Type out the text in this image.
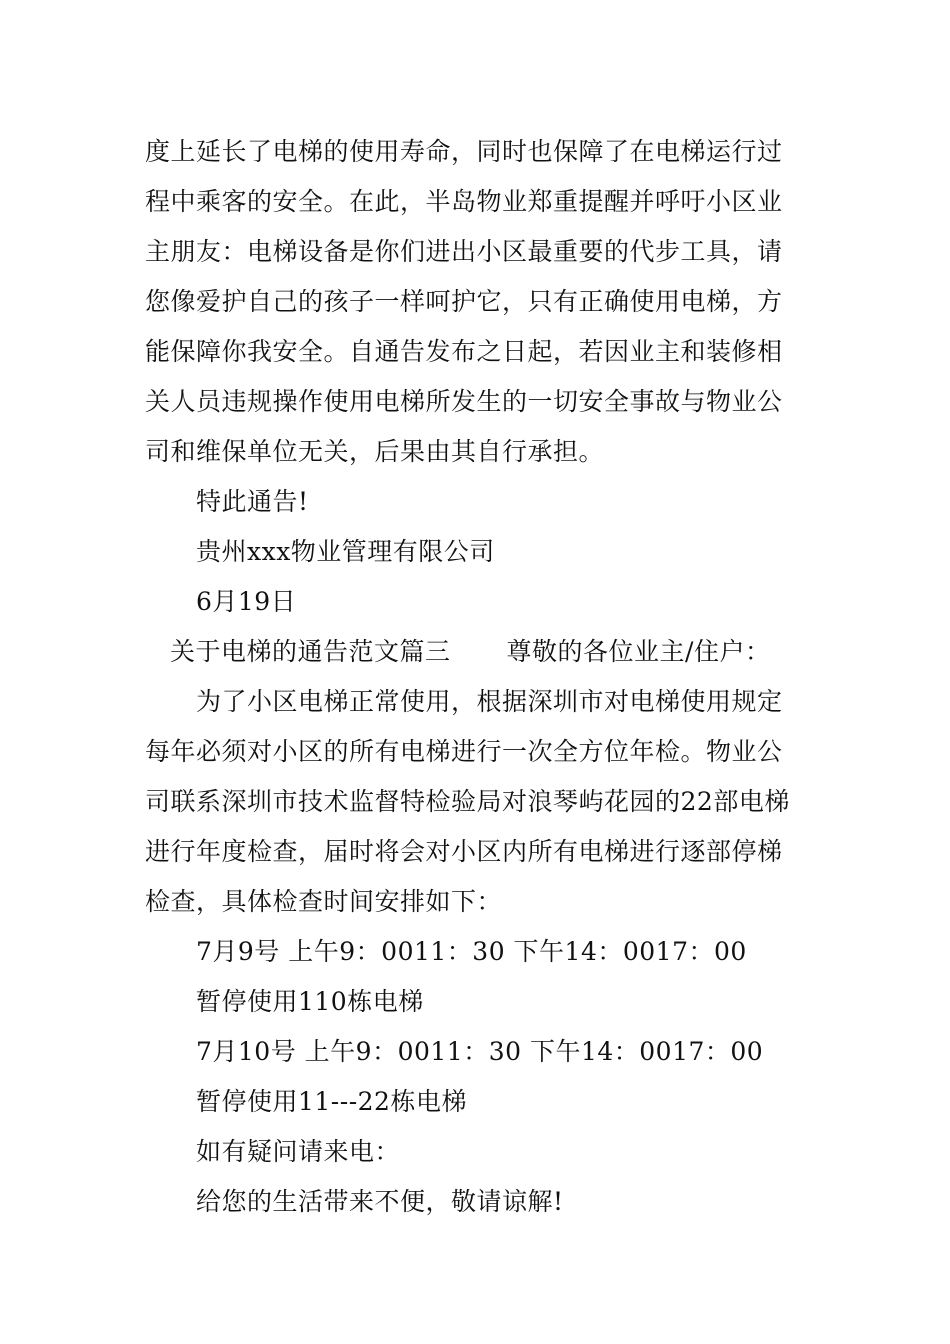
度上延长了电梯的使用寿命，同时也保障了在电梯运行过
程中乘客的安全。在此，半岛物业郑重提醒并呼吁小区业
主朋友：电梯设备是你们进出小区最重要的代步工具，请
您像爱护自己的孩子一样呵护它，只有正确使用电梯，方
能保障你我安全。自通告发布之日起，若因业主和装修相
关人员违规操作使用电梯所发生的一切安全事故与物业公
司和维保单位无关，后果由其自行承担。
特此通告!
贵州xxx物业管理有限公司
6月19日
关于电梯的通告范文篇三 尊敬的各位业主/住户：
为了小区电梯正常使用，根据深圳市对电梯使用规定
每年必须对小区的所有电梯进行一次全方位年检。物业公
司联系深圳市技术监督特检验局对浪琴屿花园的22部电梯
进行年度检查，届时将会对小区内所有电梯进行逐部停梯
检查，具体检查时间安排如下：
7月9号 上午9：0011：30 下午14：0017：00
暂停使用110栋电梯
7月10号 上午9：0011：30 下午14：0017：00
暂停使用11---22栋电梯
如有疑问请来电：
给您的生活带来不便，敬请谅解!
